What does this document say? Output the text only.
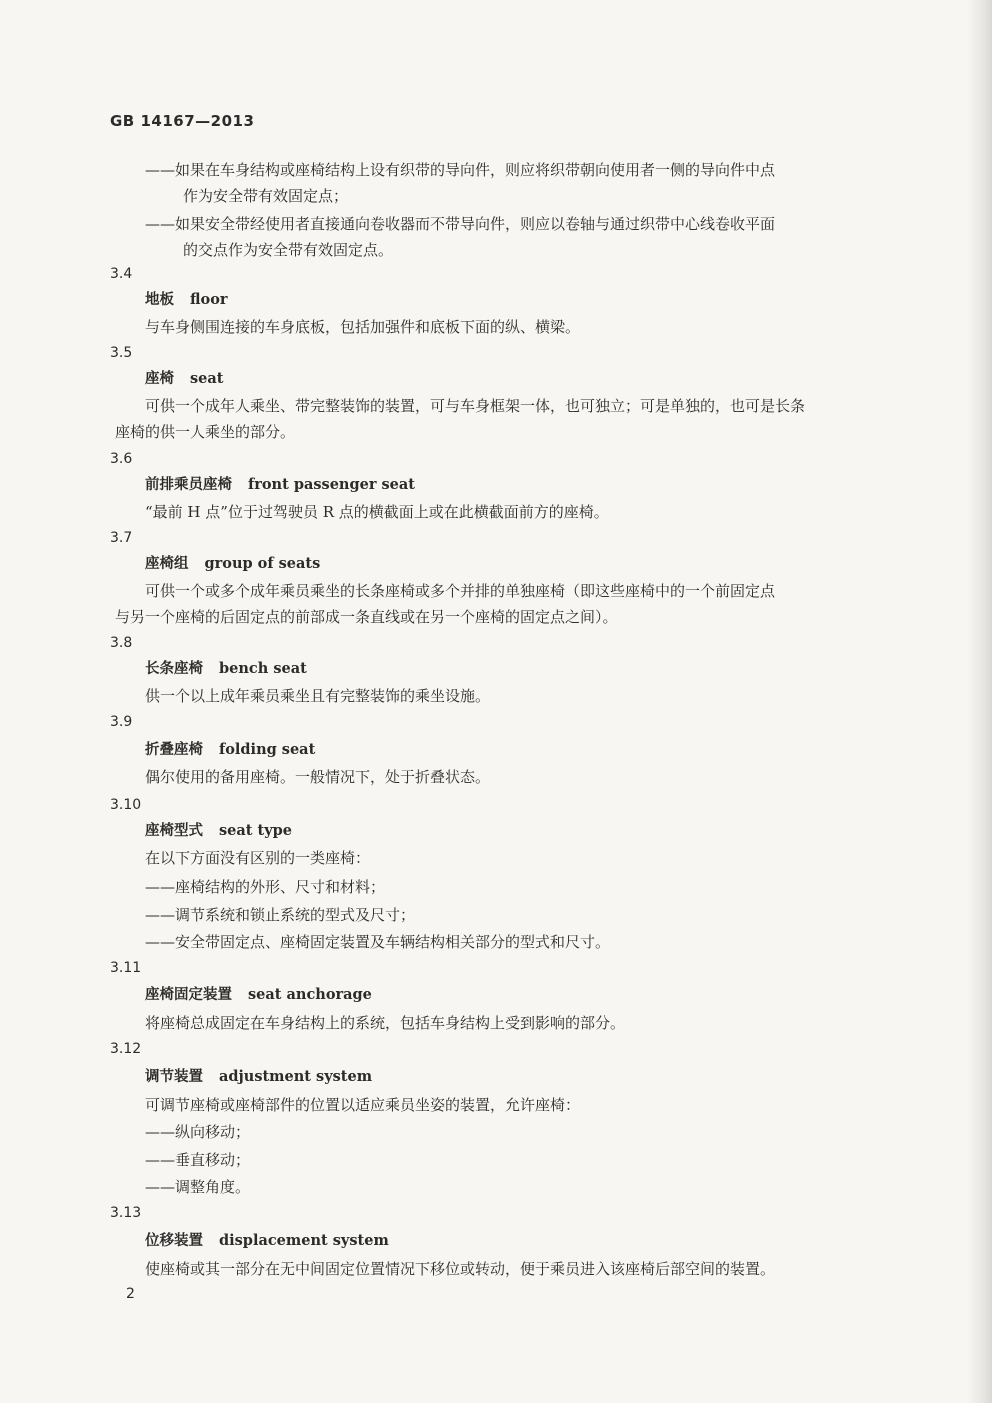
GB 14167—2013
——如果在车身结构或座椅结构上设有织带的导向件，则应将织带朝向使用者一侧的导向件中点
作为安全带有效固定点；
——如果安全带经使用者直接通向卷收器而不带导向件，则应以卷轴与通过织带中心线卷收平面
的交点作为安全带有效固定点。
3.4
地板 floor
与车身侧围连接的车身底板，包括加强件和底板下面的纵、横梁。
3.5
座椅 seat
可供一个成年人乘坐、带完整装饰的装置，可与车身框架一体，也可独立；可是单独的，也可是长条
座椅的供一人乘坐的部分。
3.6
前排乘员座椅 front passenger seat
“最前 H 点”位于过驾驶员 R 点的横截面上或在此横截面前方的座椅。
3.7
座椅组 group of seats
可供一个或多个成年乘员乘坐的长条座椅或多个并排的单独座椅（即这些座椅中的一个前固定点
与另一个座椅的后固定点的前部成一条直线或在另一个座椅的固定点之间）。
3.8
长条座椅 bench seat
供一个以上成年乘员乘坐且有完整装饰的乘坐设施。
3.9
折叠座椅 folding seat
偶尔使用的备用座椅。一般情况下，处于折叠状态。
3.10
座椅型式 seat type
在以下方面没有区别的一类座椅：
——座椅结构的外形、尺寸和材料；
——调节系统和锁止系统的型式及尺寸；
——安全带固定点、座椅固定装置及车辆结构相关部分的型式和尺寸。
3.11
座椅固定装置 seat anchorage
将座椅总成固定在车身结构上的系统，包括车身结构上受到影响的部分。
3.12
调节装置 adjustment system
可调节座椅或座椅部件的位置以适应乘员坐姿的装置，允许座椅：
——纵向移动；
——垂直移动；
——调整角度。
3.13
位移装置 displacement system
使座椅或其一部分在无中间固定位置情况下移位或转动，便于乘员进入该座椅后部空间的装置。
2
